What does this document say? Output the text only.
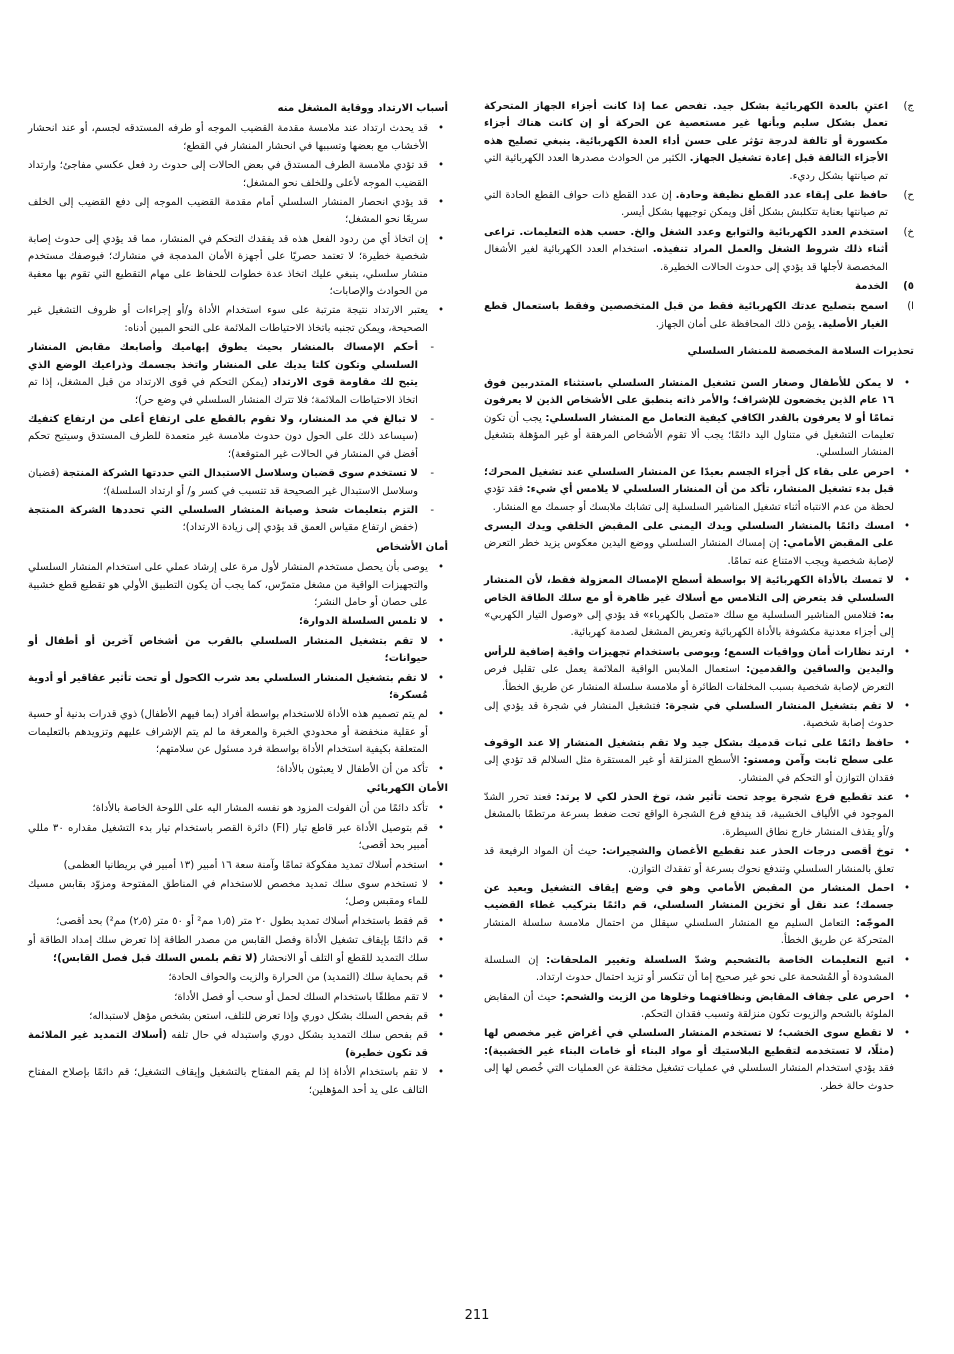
ج)
اعتنِ بالعدة الكهربائية بشكل جيد. تفحص عما إذا كانت أجزاء الجهاز المتحركة تعمل بشكل سليم وبأنها غير مستعصية عن الحركة أو إن كانت هناك أجزاء مكسورة أو تالفة لدرجة تؤثر على حسن أداء العدة الكهربائية. ينبغي تصليح هذه الأجزاء التالفة قبل إعادة تشغيل الجهاز. الكثير من الحوادث مصدرها العدد الكهربائية التي تم صيانتها بشكل رديء.
ح)
حافظ على إبقاء عدد القطع نظيفة وحادة. إن عدد القطع ذات حواف القطع الحادة التي تم صيانتها بعناية تتكلبش بشكل أقل ويمكن توجيهها بشكل أيسر.
خ)
استخدم العدد الكهربائية والتوابع وعدد الشغل والخ. حسب هذه التعليمات. تراعى أثناء ذلك شروط الشغل والعمل المراد تنفيذه. استخدام العدد الكهربائية لغير الأشغال المخصصة لأجلها قد يؤدي إلى حدوث الحالات الخطيرة.
٥)
الخدمة
ا)
اسمح بتصليح عدتك الكهربائية فقط من قبل المتخصصين وفقط باستعمال قطع الغيار الأصلية. يؤمن ذلك المحافظة على أمان الجهاز.
تحذيرات السلامة المخصصة للمنشار السلسلي
•
لا يمكن للأطفال وصغار السن تشغيل المنشار السلسلي باستثناء المتدربين فوق ١٦ عام الذين يخضعون للإشراف؛ والأمر ذاته ينطبق على الأشخاص الذين لا يعرفون تمامًا أو لا يعرفون بالقدر الكافي كيفية التعامل مع المنشار السلسلي: يجب أن تكون تعليمات التشغيل في متناول اليد دائمًا؛ يجب ألا تقوم الأشخاص المرهقة أو غير المؤهلة بتشغيل المنشار السلسلي.
•
احرص على بقاء كل أجزاء الجسم بعيدًا عن المنشار السلسلي عند تشغيل المحرك؛ قبل بدء تشغيل المنشار، تأكد من أن المنشار السلسلي لا يلامس أي شيء: فقد تؤدي لحظة من عدم الانتباه أثناء تشغيل المناشير السلسلية إلى تشابك ملابسك أو جسمك مع المنشار.
•
امسك دائمًا بالمنشار السلسلي ويدك اليمنى على المقبض الخلفي ويدك اليسرى على المقبض الأمامي: إن إمساك المنشار السلسلي ووضع اليدين معكوس يزيد خطر التعرض لإصابة شخصية ويجب الامتناع عنه تمامًا.
•
لا تمسك بالأداة الكهربائية إلا بواسطة أسطح الإمساك المعزولة فقط، لأن المنشار السلسلي قد يتعرض إلى التلامس مع أسلاك غير ظاهرة أو مع سلك الطاقة الخاص به: فتلامس المناشير السلسلية مع سلك «متصل بالكهرباء» قد يؤدي إلى «وصول التيار الكهربي» إلى أجزاء معدنية مكشوفة بالأداة الكهربائية وتعريض المشغل لصدمة كهربائية.
•
ارتد نظارات أمان وواقيات السمع؛ ويوصى باستخدام تجهيزات واقية إضافية للرأس واليدين والساقين والقدمين: استعمال الملابس الواقية الملائمة يعمل على تقليل فرص التعرض لإصابة شخصية بسبب المخلفات الطائرة أو ملامسة سلسلة المنشار عن طريق الخطأ.
•
لا تقم بتشغيل المنشار السلسلي في شجرة: فتشغيل المنشار في شجرة قد يؤدي إلى حدوث إصابة شخصية.
•
حافظ دائمًا على ثبات قدميك بشكل جيد ولا تقم بتشغيل المنشار إلا عند الوقوف على سطح ثابت وآمن ومستو: الأسطح المنزلقة أو غير المستقرة مثل السلالم قد تؤدي إلى فقدان التوازن أو التحكم في المنشار.
•
عند تقطيع فرع شجرة يوجد تحت تأثير شد، توخ الحذر لكي لا يرتد: فعند تحرر الشدّ الموجود في الألياف الخشبية، قد يندفع فرع الشجرة الواقع تحت ضغط بسرعة مرتطمًا بالمشغل و/أو يقذف المنشار خارج نطاق السيطرة.
•
توخ أقصى درجات الحذر عند تقطيع الأغصان والشجيرات: حيث أن المواد الرفيعة قد تعلق بالمنشار السلسلي وتندفع نحوك بسرعة أو تفقدك التوازن.
•
احمل المنشار من المقبض الأمامي وهو في وضع إيقاف التشغيل وبعيد عن جسمك؛ عند نقل أو تخزين المنشار السلسلي، قم دائمًا بتركيب غطاء القضيب الموجّه: التعامل السليم مع المنشار السلسلي سيقلل من احتمال ملامسة سلسلة المنشار المتحركة عن طريق الخطأ.
•
اتبع التعليمات الخاصة بالتشحيم وشدّ السلسلة وتغيير الملحقات: إن السلسلة المشدودة أو المُشحمة على نحو غير صحيح إما أن تنكسر أو تزيد احتمال حدوث ارتداد.
•
احرص على جفاف المقابض ونظافتهما وخلوها من الزيت والشحم: حيث أن المقابض الملوثة بالشحم والزيوت تكون منزلقة وتسبب فقدان التحكم.
•
لا تقطع سوى الخشب؛ لا تستخدم المنشار السلسلي في أغراض غير مخصص لها (مثلًا، لا تستخدمه لتقطيع البلاستيك أو مواد البناء أو خامات البناء غير الخشبية): فقد يؤدي استخدام المنشار السلسلي في عمليات تشغيل مختلفة عن العمليات التي خُصص لها إلى حدوث حالة خطر.
أسباب الارتداد ووقاية المشغل منه
•
قد يحدث ارتداد عند ملامسة مقدمة القضيب الموجه أو طرفه المستدقه لجسم، أو عند انحشار الأخشاب مع بعضها وتسببها في انحشار المنشار في القطع؛
•
قد تؤدي ملامسة الطرف المستدق في بعض الحالات إلى حدوث رد فعل عكسي مفاجئ؛ وارتداد القضيب الموجه لأعلى وللخلف نحو المشغل؛
•
قد يؤدي انحصار المنشار السلسلي أمام مقدمة القضيب الموجه إلى دفع القضيب إلى الخلف سريعًا نحو المشغل؛
•
إن اتخاذ أي من ردود الفعل هذه قد يفقدك التحكم في المنشار، مما قد يؤدي إلى حدوث إصابة شخصية خطيرة؛ لا تعتمد حصريًا على أجهزة الأمان المدمجة في منشارك؛ فبوصفك مستخدم منشار سلسلي، ينبغي عليك اتخاذ عدة خطوات للحفاظ على مهام التقطيع التي تقوم بها معفية من الحوادث والإصابات؛
•
يعتبر الارتداد نتيجة مترتبة على سوء استخدام الأداة و/أو إجراءات أو ظروف التشغيل غير الصحيحة، ويمكن تجنبه باتخاذ الاحتياطات الملائمة على النحو المبين أدناه:
-
أحكم الإمساك بالمنشار بحيث يطوق إبهاميك وأصابعك مقابض المنشار السلسلي وتكون كلتا يديك على المنشار واتخذ بجسمك وذراعيك الوضع الذي يتيح لك مقاومة قوى الارتداد (يمكن التحكم في قوى الارتداد من قبل المشغل، إذا تم اتخاذ الاحتياطات الملائمة؛ فلا تترك المنشار السلسلي في وضع حر)؛
-
لا تبالغ في مد المنشار، ولا تقوم بالقطع على ارتفاع أعلى من ارتفاع كتفيك (سيساعد ذلك على الحول دون حدوث ملامسة غير متعمدة للطرف المستدق وسيتيح تحكم أفضل في المنشار في الحالات غير المتوقعة)؛
-
لا تستخدم سوى قضبان وسلاسل الاستبدال التي حددتها الشركة المنتجة (قضبان وسلاسل الاستبدال غير الصحيحة قد تتسبب في كسر و/ أو ارتداد السلسلة)؛
-
التزم بتعليمات شحذ وصيانة المنشار السلسلي التي تحددها الشركة المنتجة (خفض ارتفاع مقياس العمق قد يؤدي إلى زيادة الارتداد)؛
أمان الأشخاص
•
يوصى بأن يحصل مستخدم المنشار لأول مرة على إرشاد عملي على استخدام المنشار السلسلي والتجهيزات الواقية من مشغل متمرّس، كما يجب أن يكون التطبيق الأولي هو تقطيع قطع خشبية على حصان أو حامل النشر؛
•
لا تلمس السلسلة الدوارة؛
•
لا تقم بتشغيل المنشار السلسلي بالقرب من أشخاص آخرين أو أطفال أو حيوانات؛
•
لا تقم بتشغيل المنشار السلسلي بعد شرب الكحول أو تحت تأثير عقاقير أو أدوية مُسكرة؛
•
لم يتم تصميم هذه الأداة للاستخدام بواسطة أفراد (بما فيهم الأطفال) ذوي قدرات بدنية أو حسية أو عقلية منخفضة أو محدودي الخبرة والمعرفة ما لم يتم الإشراف عليهم وتزويدهم بالتعليمات المتعلقة بكيفية استخدام الأداة بواسطة فرد مسئول عن سلامتهم؛
•
تأكد من أن الأطفال لا يعبثون بالأداة؛
الأمان الكهربائي
•
تأكد دائمًا من أن الفولت المزود هو نفسه المشار اليه على اللوحة الخاصة بالأداة؛
•
قم بتوصيل الأداة عبر قاطع تيار (FI) دائرة القصر باستخدام تيار بدء التشغيل مقداره ٣٠ مللي أمبير بحد أقصى؛
•
استخدم أسلاك تمديد مفكوكة تمامًا وآمنة سعة ١٦ أمبير (١٣ أمبير في بريطانيا العظمى)
•
لا تستخدم سوى سلك تمديد مخصص للاستخدام في المناطق المفتوحة ومزوّد بقابس مسيك للماء ومقبس وصل؛
•
قم فقط باستخدام أسلاك تمديد بطول ٢٠ متر (١٫٥ مم² أو ٥٠ متر (٢٫٥) مم²) بحد أقصى؛
•
قم دائمًا بإيقاف تشغيل الأداة وفصل القابس من مصدر الطاقة إذا تعرض سلك إمداد الطاقة أو سلك التمديد للقطع أو التلف أو الانحشار (لا تقم بلمس السلك قبل فصل القابس)؛
•
قم بحماية سلك (التمديد) من الحرارة والزيت والحواف الحادة؛
•
لا تقم مطلقًا باستخدام السلك لحمل أو سحب أو فصل الأداة؛
•
قم بفحص السلك بشكل دوري وإذا تعرض للتلف، استعن بشخص مؤهل لاستبداله؛
•
قم بفحص سلك التمديد بشكل دوري واستبدله في حال تلفه (أسلاك التمديد غير الملائمة قد تكون خطيرة)
•
لا تقم باستخدام الأداة إذا لم يقم المفتاح بالتشغيل وإيقاف التشغيل؛ قم دائمًا بإصلاح المفتاح التالف على يد أحد المؤهلين؛
211
